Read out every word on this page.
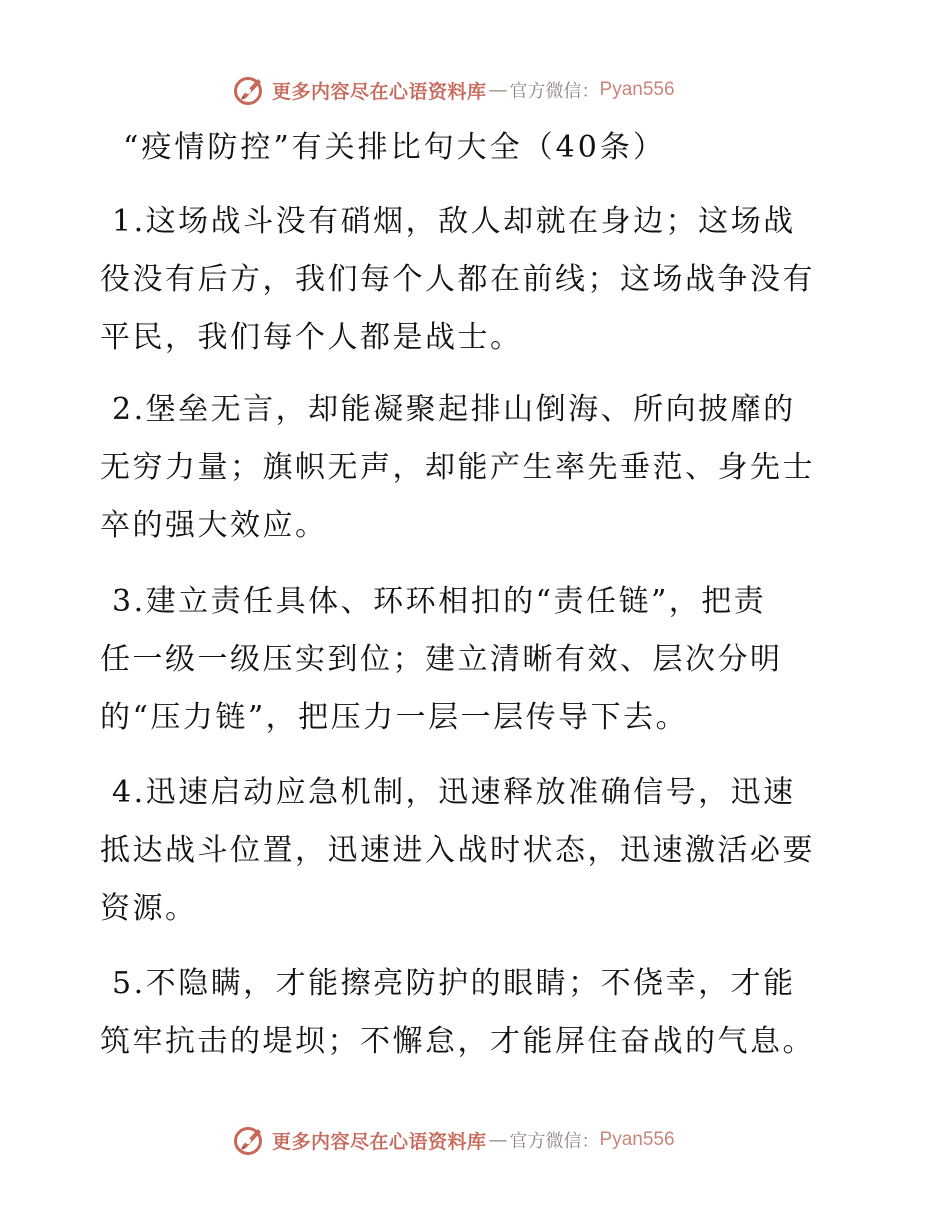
更多内容尽在心语资料库 — 官方微信： Pyan556
“疫情防控”有关排比句大全（40条）
1.这场战斗没有硝烟，敌人却就在身边；这场战
役没有后方，我们每个人都在前线；这场战争没有
平民，我们每个人都是战士。
2.堡垒无言，却能凝聚起排山倒海、所向披靡的
无穷力量；旗帜无声，却能产生率先垂范、身先士
卒的强大效应。
3.建立责任具体、环环相扣的“责任链”，把责
任一级一级压实到位；建立清晰有效、层次分明
的“压力链”，把压力一层一层传导下去。
4.迅速启动应急机制，迅速释放准确信号，迅速
抵达战斗位置，迅速进入战时状态，迅速激活必要
资源。
5.不隐瞒，才能擦亮防护的眼睛；不侥幸，才能
筑牢抗击的堤坝；不懈怠，才能屏住奋战的气息。
更多内容尽在心语资料库 — 官方微信： Pyan556
